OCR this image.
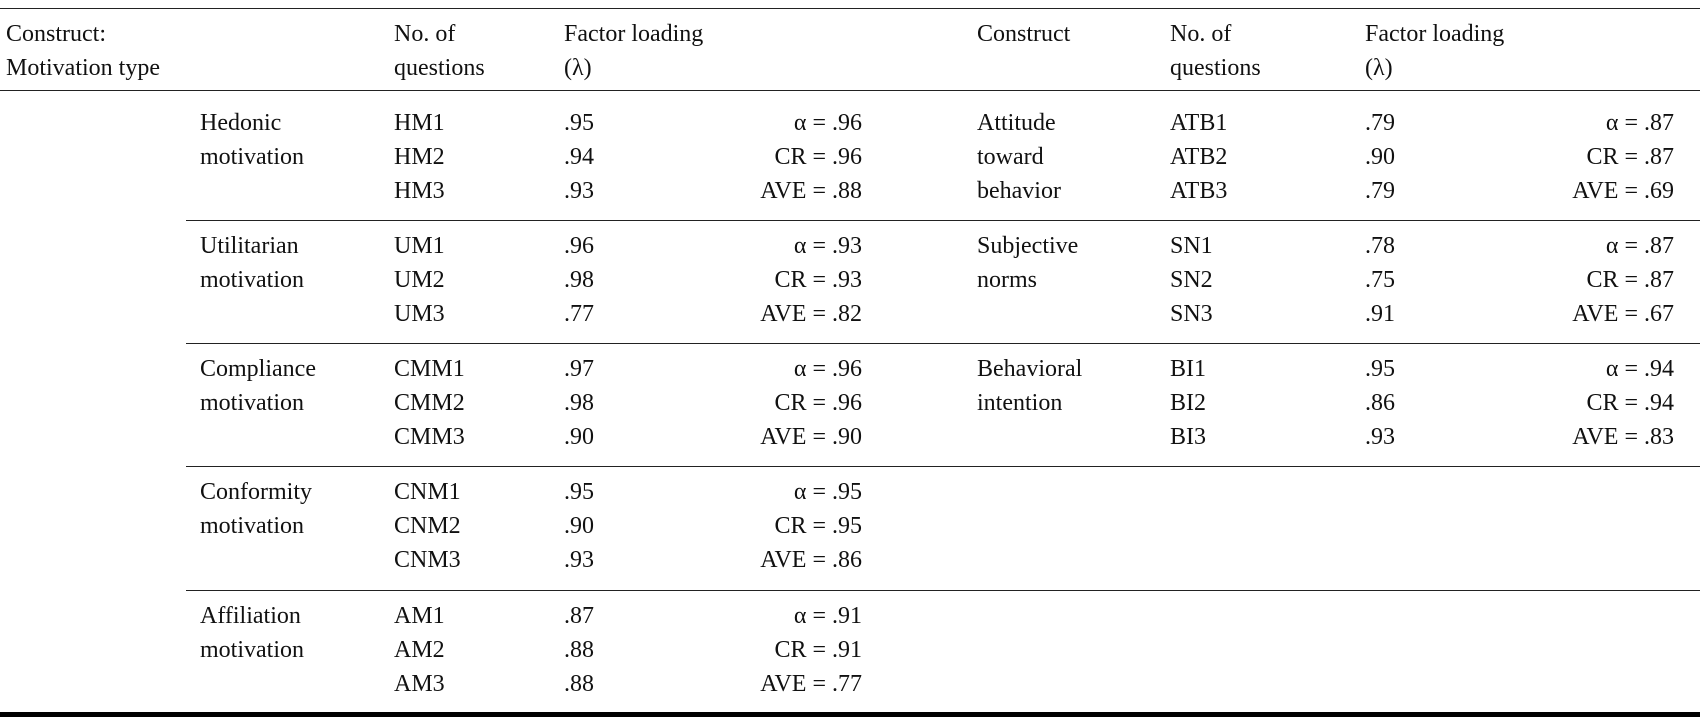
Construct:
Motivation type
No. of
questions
Factor loading
(λ)
Construct	No. of
questions
Factor loading
(λ)
Hedonic
motivation
HM1
HM2
HM3
.95
.94
.93
α = .96
CR = .96
AVE = .88
Utilitarian
motivation
UM1
UM2
UM3
.96
.98
.77
α = .93
CR = .93
AVE = .82
Compliance
motivation
CMM1
CMM2
CMM3
.97
.98
.90
α = .96
CR = .96
AVE = .90
Conformity
motivation
CNM1
CNM2
CNM3
.95
.90
.93
α = .95
CR = .95
AVE = .86
Affiliation
motivation
AM1
AM2
AM3
.87
.88
.88
α = .91
CR = .91
AVE = .77
Attitude
toward
behavior
ATB1
ATB2
ATB3
.79
.90
.79
α = .87
CR = .87
AVE = .69
Subjective
norms
SN1
SN2
SN3
.78
.75
.91
α = .87
CR = .87
AVE = .67
Behavioral
intention
BI1
BI2
BI3
.95
.86
.93
α = .94
CR = .94
AVE = .83
